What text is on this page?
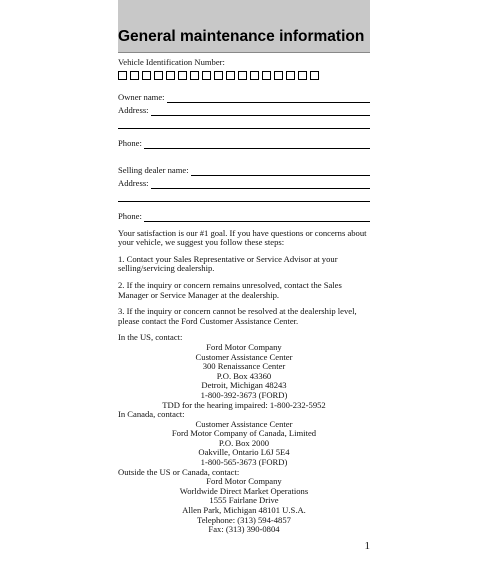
General maintenance information
Vehicle Identification Number:
Owner name:
Address:
Phone:
Selling dealer name:
Address:
Phone:
Your satisfaction is our #1 goal. If you have questions or concerns about your vehicle, we suggest you follow these steps:
1. Contact your Sales Representative or Service Advisor at your selling/servicing dealership.
2. If the inquiry or concern remains unresolved, contact the Sales Manager or Service Manager at the dealership.
3. If the inquiry or concern cannot be resolved at the dealership level, please contact the Ford Customer Assistance Center.
In the US, contact:
Ford Motor Company
Customer Assistance Center
300 Renaissance Center
P.O. Box 43360
Detroit, Michigan 48243
1-800-392-3673 (FORD)
TDD for the hearing impaired: 1-800-232-5952
In Canada, contact:
Customer Assistance Center
Ford Motor Company of Canada, Limited
P.O. Box 2000
Oakville, Ontario L6J 5E4
1-800-565-3673 (FORD)
Outside the US or Canada, contact:
Ford Motor Company
Worldwide Direct Market Operations
1555 Fairlane Drive
Allen Park, Michigan 48101 U.S.A.
Telephone: (313) 594-4857
Fax: (313) 390-0804
1
